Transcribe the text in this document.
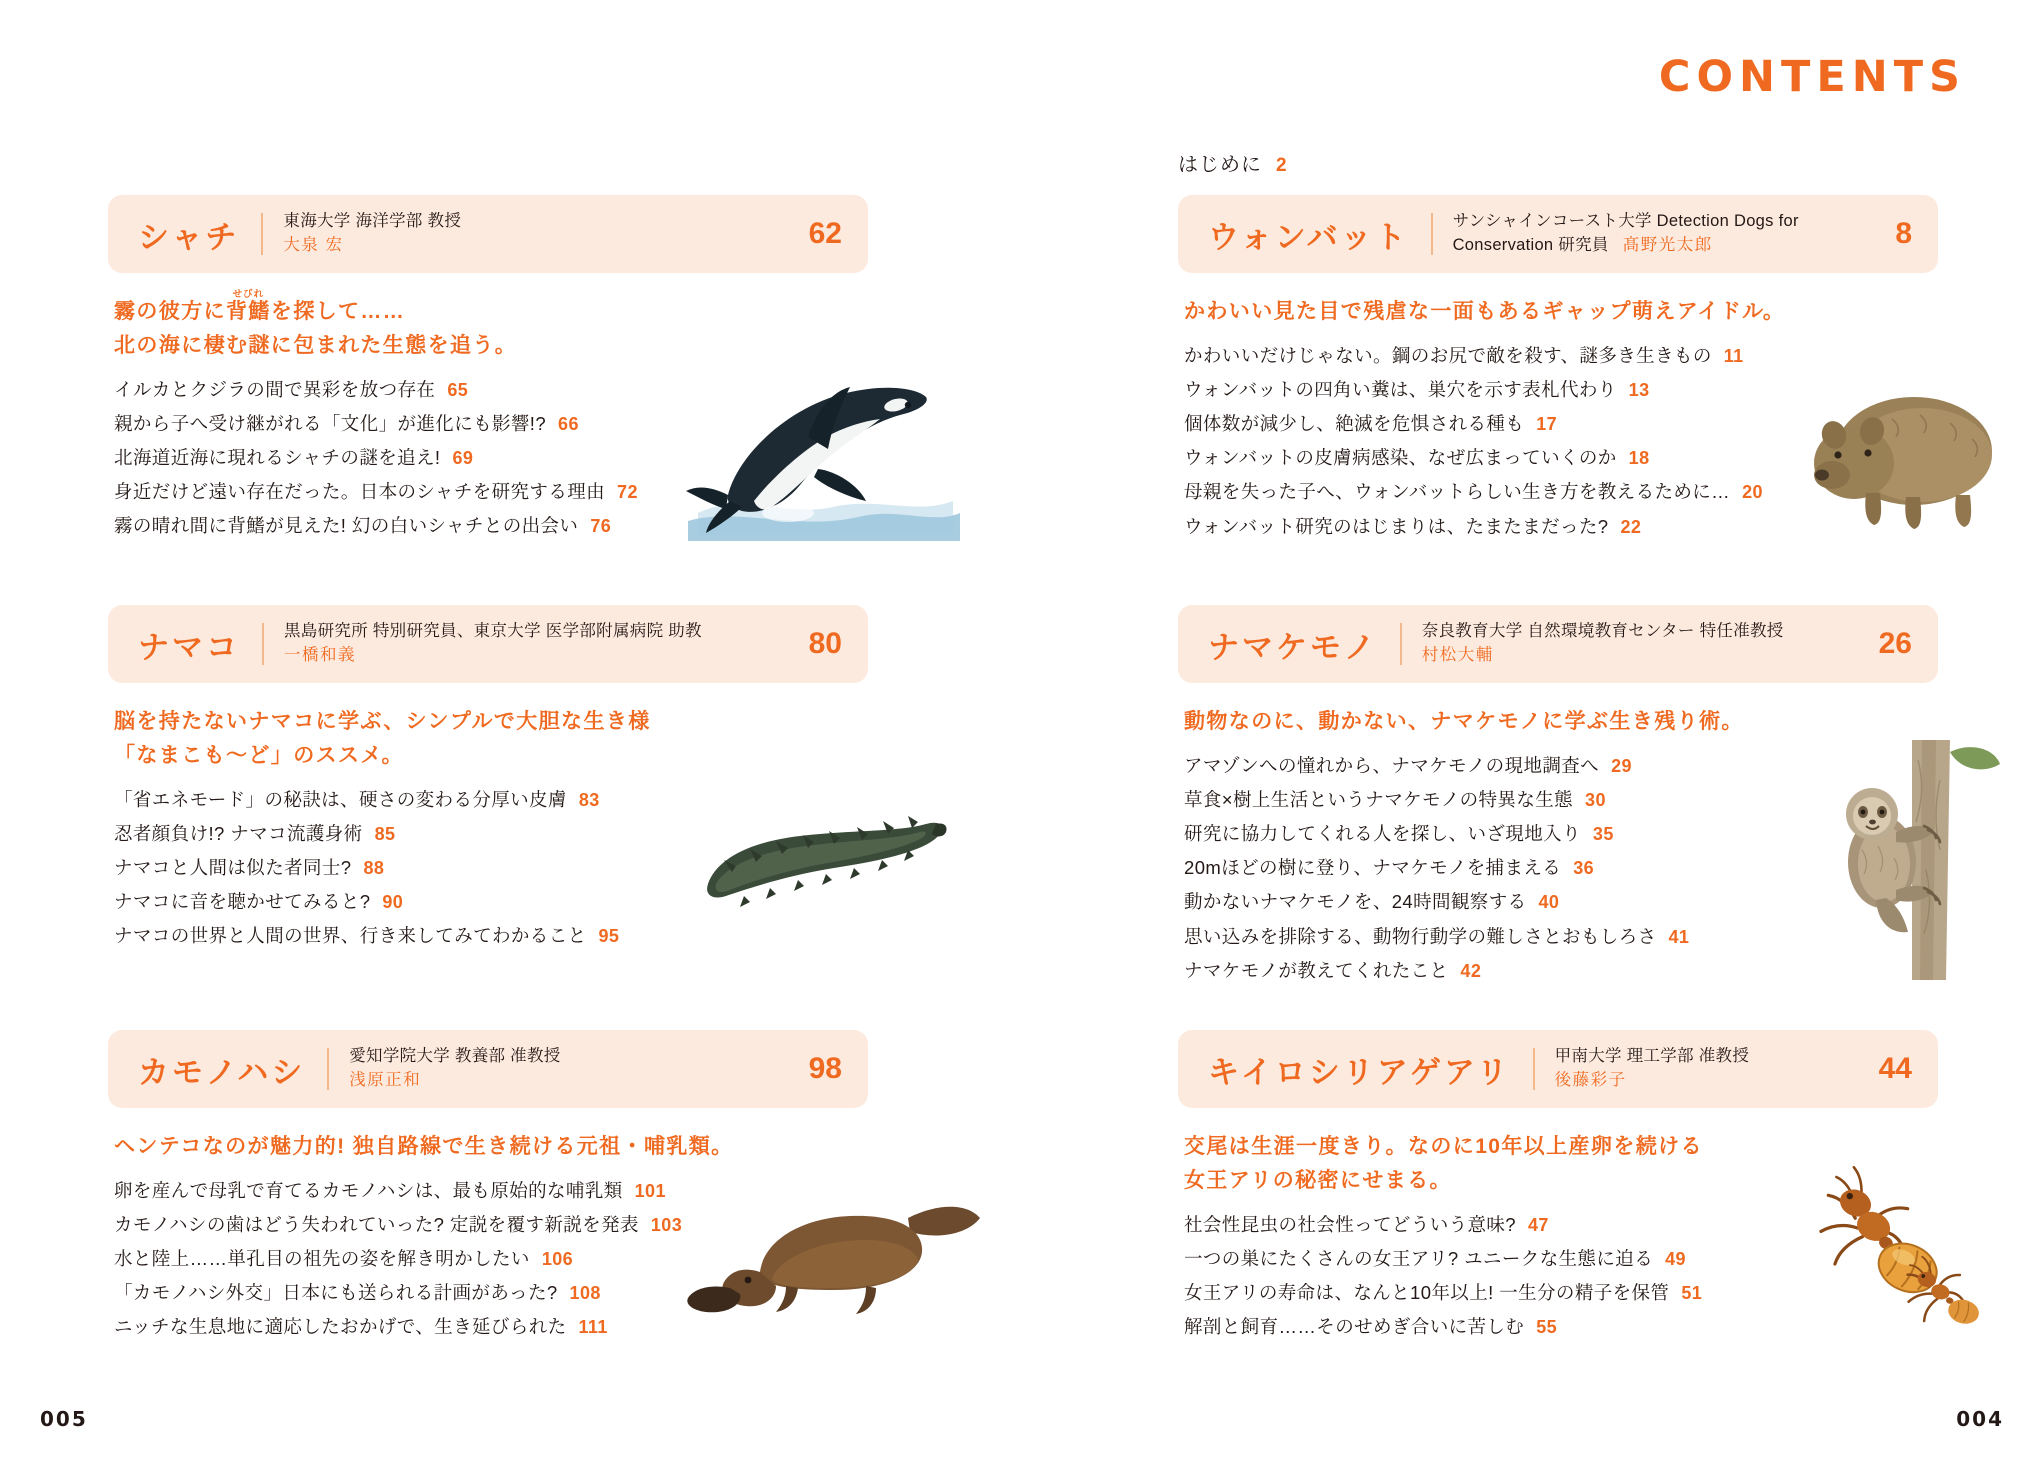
CONTENTS
はじめに 2
シャチ	東海大学 海洋学部 教授
大泉 宏	62
霧の彼方に
せびれ
背鰭を探して……
北の海に棲む謎に包まれた生態を追う。
イルカとクジラの間で異彩を放つ存在 65
親から子へ受け継がれる「文化」が進化にも影響!? 66
北海道近海に現れるシャチの謎を追え! 69
身近だけど遠い存在だった。日本のシャチを研究する理由 72
霧の晴れ間に背鰭が見えた! 幻の白いシャチとの出会い 76
ナマコ	黒島研究所 特別研究員、東京大学 医学部附属病院 助教
一橋和義	80
脳を持たないナマコに学ぶ、シンプルで大胆な生き様
「なまこも〜ど」のススメ。
「省エネモード」の秘訣は、硬さの変わる分厚い皮膚 83
忍者顔負け!? ナマコ流護身術 85
ナマコと人間は似た者同士? 88
ナマコに音を聴かせてみると? 90
ナマコの世界と人間の世界、行き来してみてわかること 95
カモノハシ	愛知学院大学 教養部 准教授
浅原正和	98
ヘンテコなのが魅力的! 独自路線で生き続ける元祖・哺乳類。
卵を産んで母乳で育てるカモノハシは、最も原始的な哺乳類 101
カモノハシの歯はどう失われていった? 定説を覆す新説を発表 103
水と陸上……単孔目の祖先の姿を解き明かしたい 106
「カモノハシ外交」日本にも送られる計画があった? 108
ニッチな生息地に適応したおかげで、生き延びられた 111
ウォンバット	サンシャインコースト大学 Detection Dogs for
Conservation 研究員 髙野光太郎	8
かわいい見た目で残虐な一面もあるギャップ萌えアイドル。
かわいいだけじゃない。鋼のお尻で敵を殺す、謎多き生きもの 11
ウォンバットの四角い糞は、巣穴を示す表札代わり 13
個体数が減少し、絶滅を危惧される種も 17
ウォンバットの皮膚病感染、なぜ広まっていくのか 18
母親を失った子へ、ウォンバットらしい生き方を教えるために… 20
ウォンバット研究のはじまりは、たまたまだった? 22
ナマケモノ	奈良教育大学 自然環境教育センター 特任准教授
村松大輔	26
動物なのに、動かない、ナマケモノに学ぶ生き残り術。
アマゾンへの憧れから、ナマケモノの現地調査へ 29
草食×樹上生活というナマケモノの特異な生態 30
研究に協力してくれる人を探し、いざ現地入り 35
20mほどの樹に登り、ナマケモノを捕まえる 36
動かないナマケモノを、24時間観察する 40
思い込みを排除する、動物行動学の難しさとおもしろさ 41
ナマケモノが教えてくれたこと 42
キイロシリアゲアリ	甲南大学 理工学部 准教授
後藤彩子	44
交尾は生涯一度きり。なのに10年以上産卵を続ける
女王アリの秘密にせまる。
社会性昆虫の社会性ってどういう意味? 47
一つの巣にたくさんの女王アリ? ユニークな生態に迫る 49
女王アリの寿命は、なんと10年以上! 一生分の精子を保管 51
解剖と飼育……そのせめぎ合いに苦しむ 55
005	004
